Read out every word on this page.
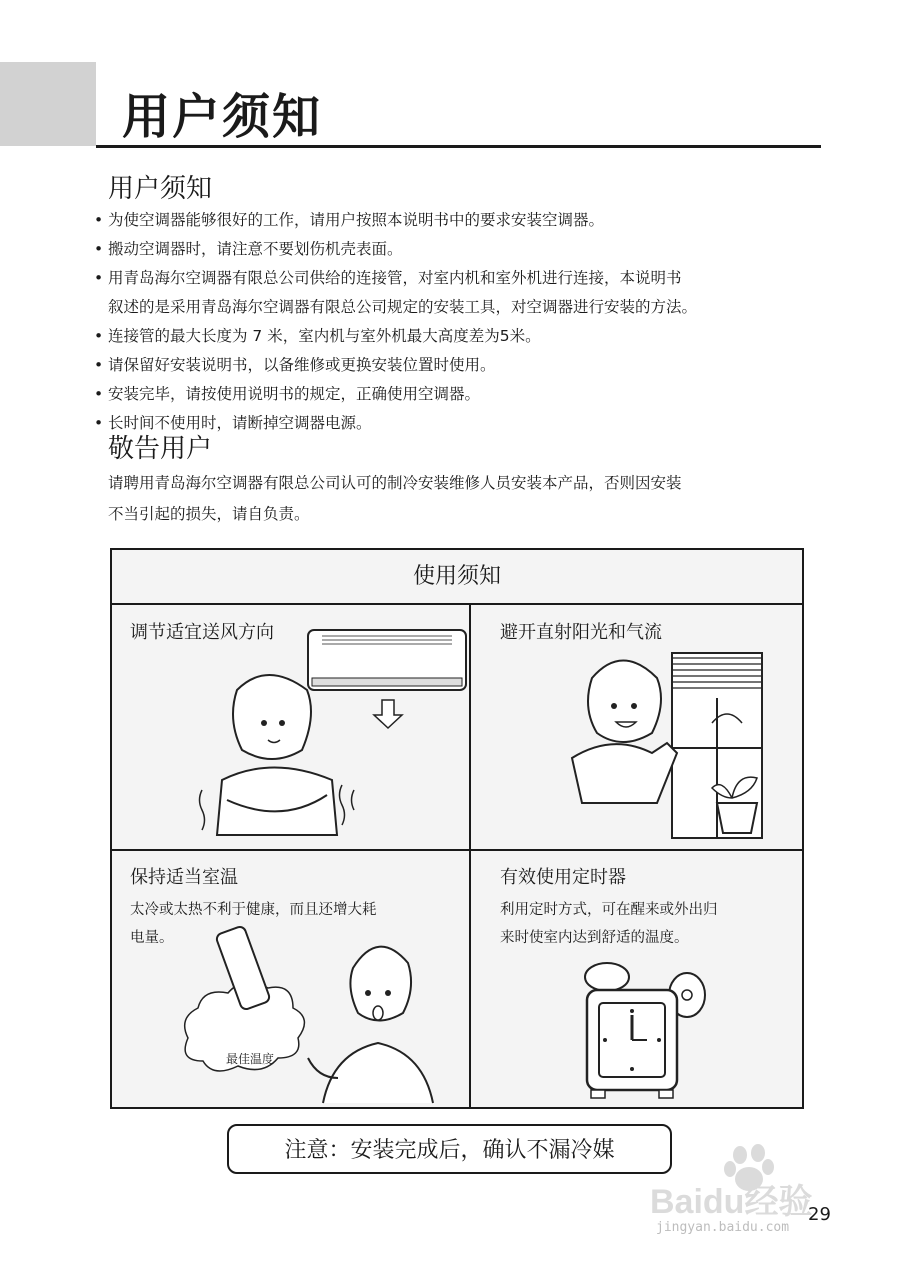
用户须知
用户须知
• 为使空调器能够很好的工作，请用户按照本说明书中的要求安装空调器。
• 搬动空调器时，请注意不要划伤机壳表面。
• 用青岛海尔空调器有限总公司供给的连接管，对室内机和室外机进行连接，本说明书
叙述的是采用青岛海尔空调器有限总公司规定的安装工具，对空调器进行安装的方法。
• 连接管的最大长度为 7 米，室内机与室外机最大高度差为5米。
• 请保留好安装说明书，以备维修或更换安装位置时使用。
• 安装完毕，请按使用说明书的规定，正确使用空调器。
• 长时间不使用时，请断掉空调器电源。
敬告用户

请聘用青岛海尔空调器有限总公司认可的制冷安装维修人员安装本产品，否则因安装
不当引起的损失，请自负责。

使用须知
调节适宜送风方向	避开直射阳光和气流
保持适当室温
太冷或太热不利于健康，而且还增大耗
电量。
最佳温度
有效使用定时器
利用定时方式，可在醒来或外出归
来时使室内达到舒适的温度。
注意：安装完成后，确认不漏冷媒
Baidu经验
jingyan.baidu.com
29
